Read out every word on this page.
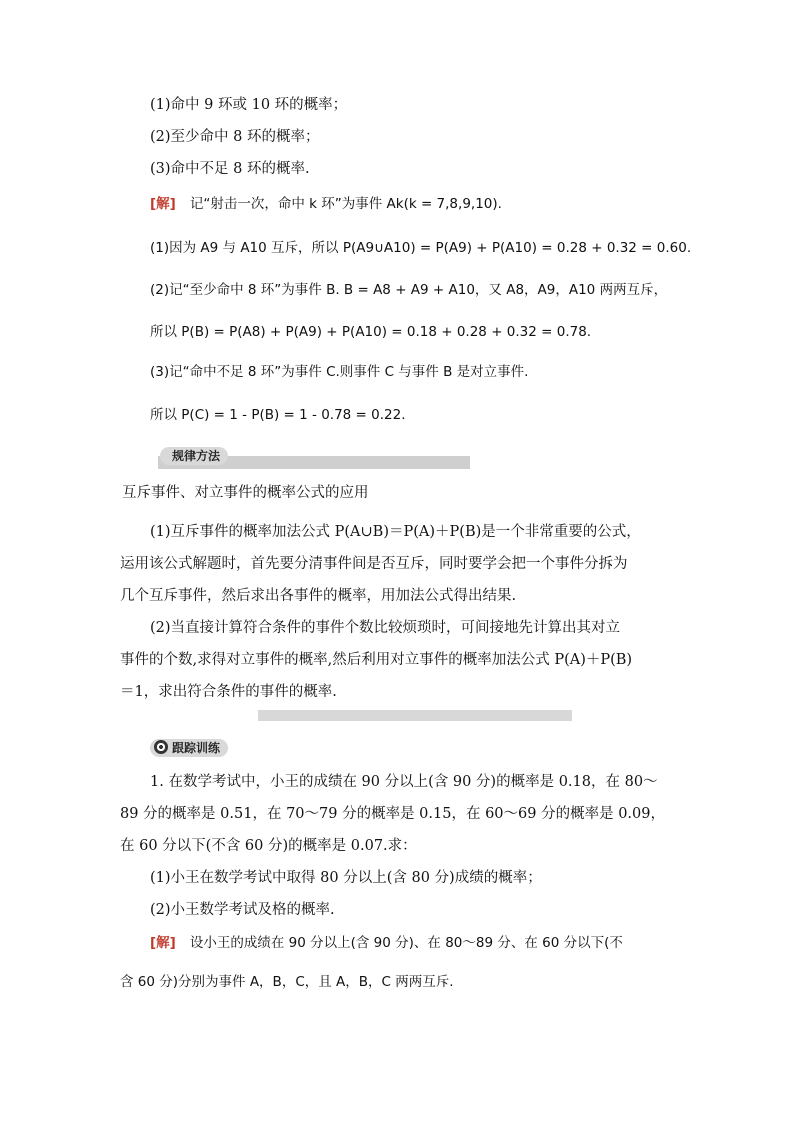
(1)命中 9 环或 10 环的概率；
(2)至少命中 8 环的概率；
(3)命中不足 8 环的概率.
[解] 记“射击一次，命中 k 环”为事件 Ak(k = 7,8,9,10).
(1)因为 A9 与 A10 互斥，所以 P(A9∪A10) = P(A9) + P(A10) = 0.28 + 0.32 = 0.60.
(2)记“至少命中 8 环”为事件 B. B = A8 + A9 + A10，又 A8，A9，A10 两两互斥，
所以 P(B) = P(A8) + P(A9) + P(A10) = 0.18 + 0.28 + 0.32 = 0.78.
(3)记“命中不足 8 环”为事件 C.则事件 C 与事件 B 是对立事件.
所以 P(C) = 1 - P(B) = 1 - 0.78 = 0.22.
规律方法
互斥事件、对立事件的概率公式的应用
(1)互斥事件的概率加法公式 P(A∪B)＝P(A)＋P(B)是一个非常重要的公式，
运用该公式解题时，首先要分清事件间是否互斥，同时要学会把一个事件分拆为
几个互斥事件，然后求出各事件的概率，用加法公式得出结果.
(2)当直接计算符合条件的事件个数比较烦琐时，可间接地先计算出其对立
事件的个数,求得对立事件的概率,然后利用对立事件的概率加法公式 P(A)＋P(B)
＝1，求出符合条件的事件的概率.
跟踪训练
1. 在数学考试中，小王的成绩在 90 分以上(含 90 分)的概率是 0.18，在 80～
89 分的概率是 0.51，在 70～79 分的概率是 0.15，在 60～69 分的概率是 0.09，
在 60 分以下(不含 60 分)的概率是 0.07.求：
(1)小王在数学考试中取得 80 分以上(含 80 分)成绩的概率；
(2)小王数学考试及格的概率.
[解] 设小王的成绩在 90 分以上(含 90 分)、在 80～89 分、在 60 分以下(不
含 60 分)分别为事件 A，B，C，且 A，B，C 两两互斥.
